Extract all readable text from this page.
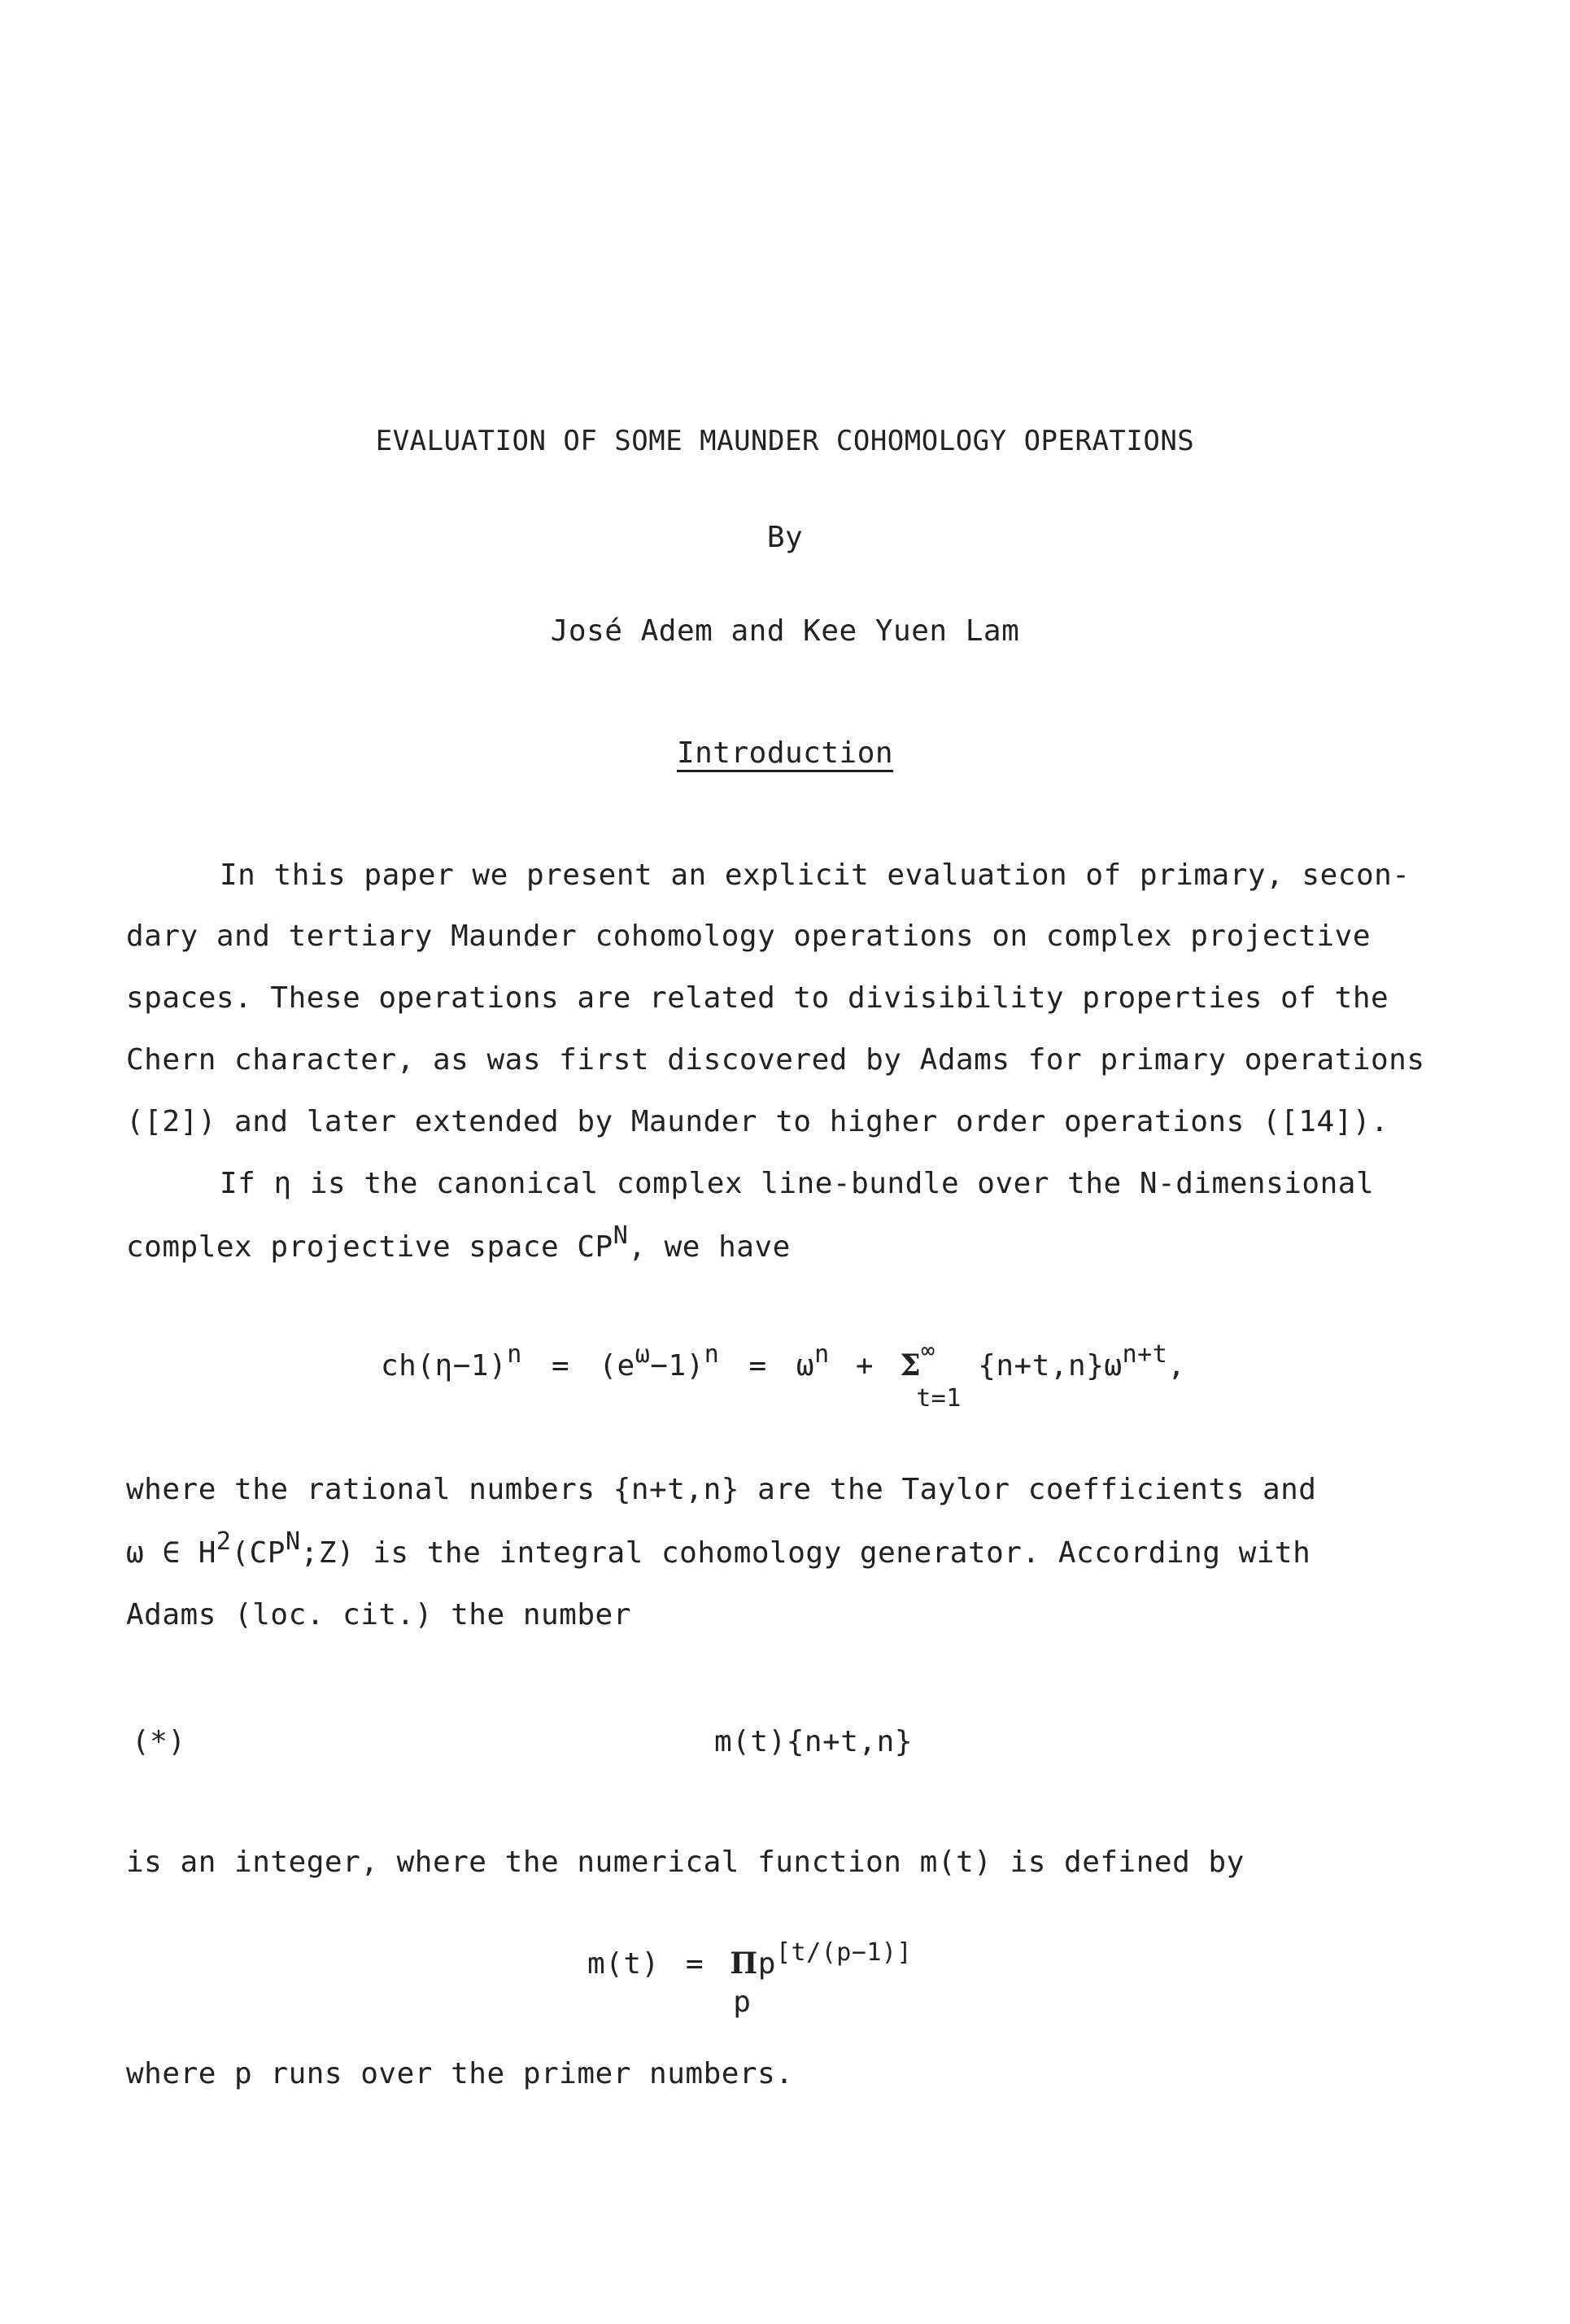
EVALUATION OF SOME MAUNDER COHOMOLOGY OPERATIONS
By
José Adem and Kee Yuen Lam
Introduction
In this paper we present an explicit evaluation of primary, secon-
dary and tertiary Maunder cohomology operations on complex projective
spaces. These operations are related to divisibility properties of the
Chern character, as was first discovered by Adams for primary operations
([2]) and later extended by Maunder to higher order operations ([14]).
If η is the canonical complex line-bundle over the N-dimensional
complex projective space $CP^N$, we have
$ch(\eta-1)^n = (e^\omega-1)^n = \omega^n + \Sigma$ ∞
t=1
$\{n+t,n\}\omega^{n+t}$,
where the rational numbers {n+t,n} are the Taylor coefficients and
ω ∈ $H^2(CP^N;Z)$ is the integral cohomology generator. According with
Adams (loc. cit.) the number
(*)	m(t){n+t,n}
is an integer, where the numerical function m(t) is defined by
m(t) = Π
p
p[t/(p−1)]
where p runs over the primer numbers.
